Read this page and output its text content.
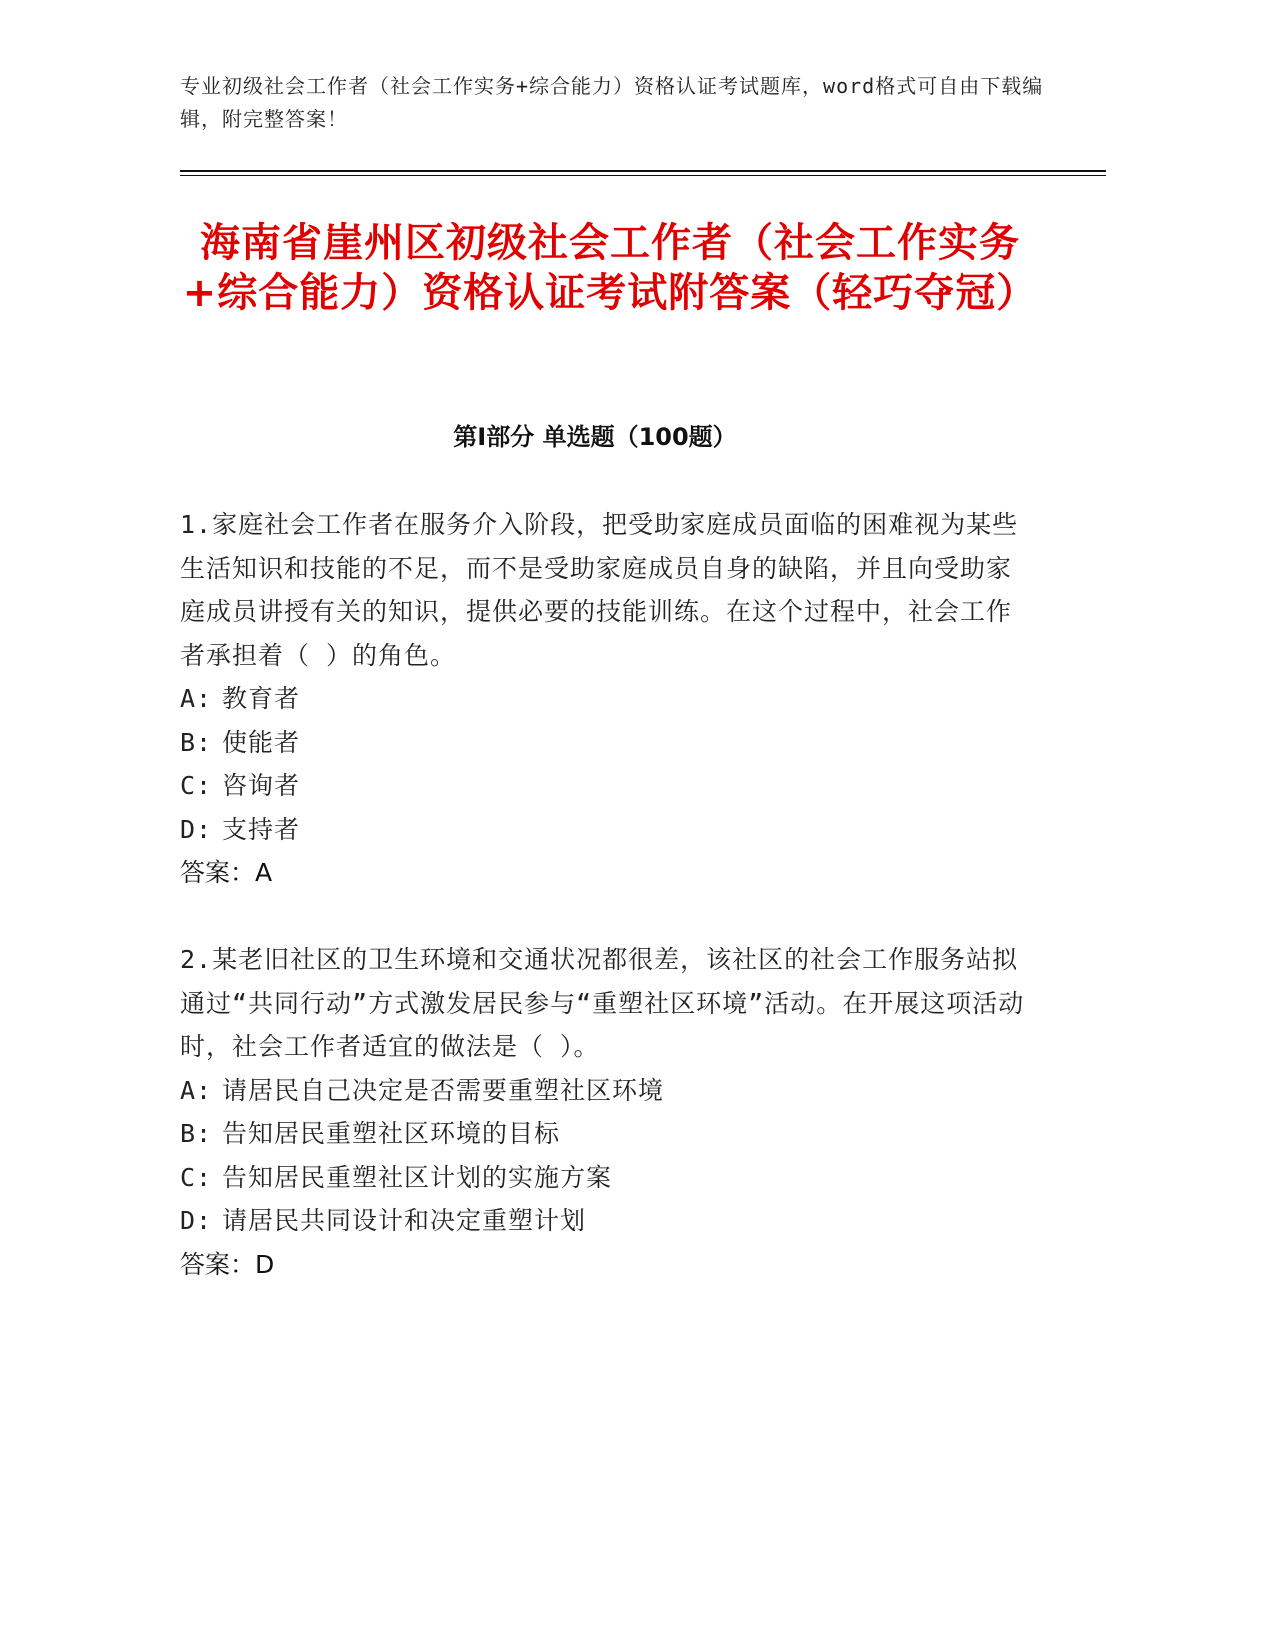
专业初级社会工作者（社会工作实务+综合能力）资格认证考试题库，word格式可自由下载编辑，附完整答案！
海南省崖州区初级社会工作者（社会工作实务+综合能力）资格认证考试附答案（轻巧夺冠）
第I部分 单选题（100题）
1.家庭社会工作者在服务介入阶段，把受助家庭成员面临的困难视为某些生活知识和技能的不足，而不是受助家庭成员自身的缺陷，并且向受助家庭成员讲授有关的知识，提供必要的技能训练。在这个过程中，社会工作者承担着（ ）的角色。
A: 教育者
B: 使能者
C: 咨询者
D: 支持者
答案：A
2.某老旧社区的卫生环境和交通状况都很差，该社区的社会工作服务站拟通过“共同行动”方式激发居民参与“重塑社区环境”活动。在开展这项活动时，社会工作者适宜的做法是（ ）。
A: 请居民自己决定是否需要重塑社区环境
B: 告知居民重塑社区环境的目标
C: 告知居民重塑社区计划的实施方案
D: 请居民共同设计和决定重塑计划
答案：D
